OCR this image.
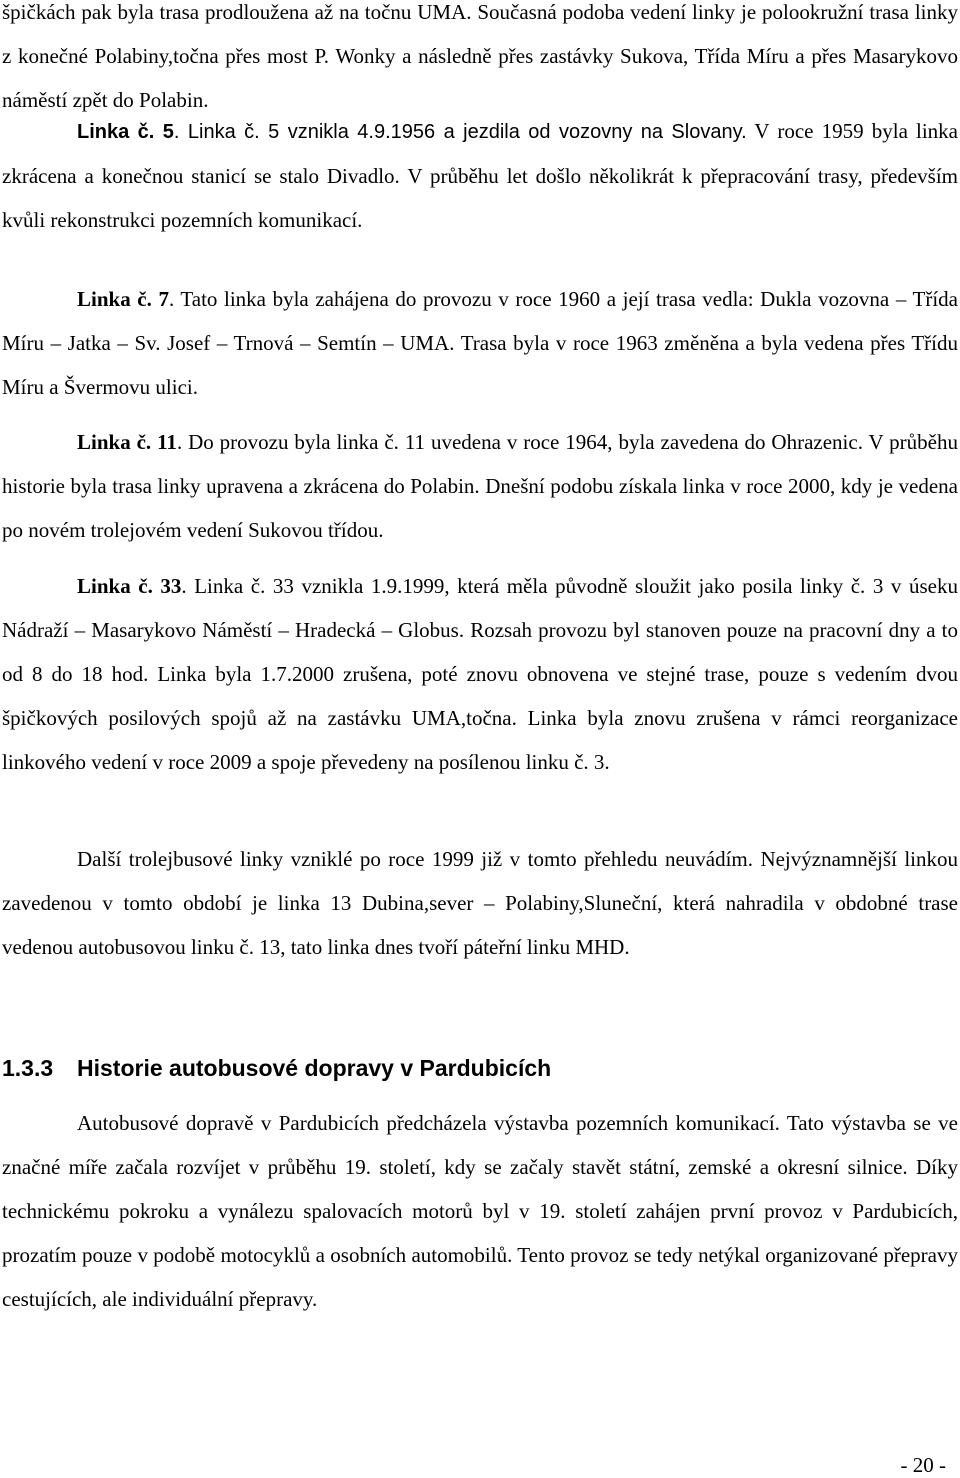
špičkách pak byla trasa prodloužena až na točnu UMA. Současná podoba vedení linky je polookružní trasa linky z konečné Polabiny,točna přes most P. Wonky a následně přes zastávky Sukova, Třída Míru a přes Masarykovo náměstí zpět do Polabin.

Linka č. 5. Linka č. 5 vznikla 4.9.1956 a jezdila od vozovny na Slovany. V roce 1959 byla linka zkrácena a konečnou stanicí se stalo Divadlo. V průběhu let došlo několikrát k přepracování trasy, především kvůli rekonstrukci pozemních komunikací.

Linka č. 7. Tato linka byla zahájena do provozu v roce 1960 a její trasa vedla: Dukla vozovna – Třída Míru – Jatka – Sv. Josef – Trnová – Semtín – UMA. Trasa byla v roce 1963 změněna a byla vedena přes Třídu Míru a Švermovu ulici.

Linka č. 11. Do provozu byla linka č. 11 uvedena v roce 1964, byla zavedena do Ohrazenic. V průběhu historie byla trasa linky upravena a zkrácena do Polabin. Dnešní podobu získala linka v roce 2000, kdy je vedena po novém trolejovém vedení Sukovou třídou.

Linka č. 33. Linka č. 33 vznikla 1.9.1999, která měla původně sloužit jako posila linky č. 3 v úseku Nádraží – Masarykovo Náměstí – Hradecká – Globus. Rozsah provozu byl stanoven pouze na pracovní dny a to od 8 do 18 hod. Linka byla 1.7.2000 zrušena, poté znovu obnovena ve stejné trase, pouze s vedením dvou špičkových posilových spojů až na zastávku UMA,točna. Linka byla znovu zrušena v rámci reorganizace linkového vedení v roce 2009 a spoje převedeny na posílenou linku č. 3.

Další trolejbusové linky vzniklé po roce 1999 již v tomto přehledu neuvádím. Nejvýznamnější linkou zavedenou v tomto období je linka 13 Dubina,sever – Polabiny,Sluneční, která nahradila v obdobné trase vedenou autobusovou linku č. 13, tato linka dnes tvoří páteřní linku MHD.

1.3.3 Historie autobusové dopravy v Pardubicích

Autobusové dopravě v Pardubicích předcházela výstavba pozemních komunikací. Tato výstavba se ve značné míře začala rozvíjet v průběhu 19. století, kdy se začaly stavět státní, zemské a okresní silnice. Díky technickému pokroku a vynálezu spalovacích motorů byl v 19. století zahájen první provoz v Pardubicích, prozatím pouze v podobě motocyklů a osobních automobilů. Tento provoz se tedy netýkal organizované přepravy cestujících, ale individuální přepravy.

- 20 -
